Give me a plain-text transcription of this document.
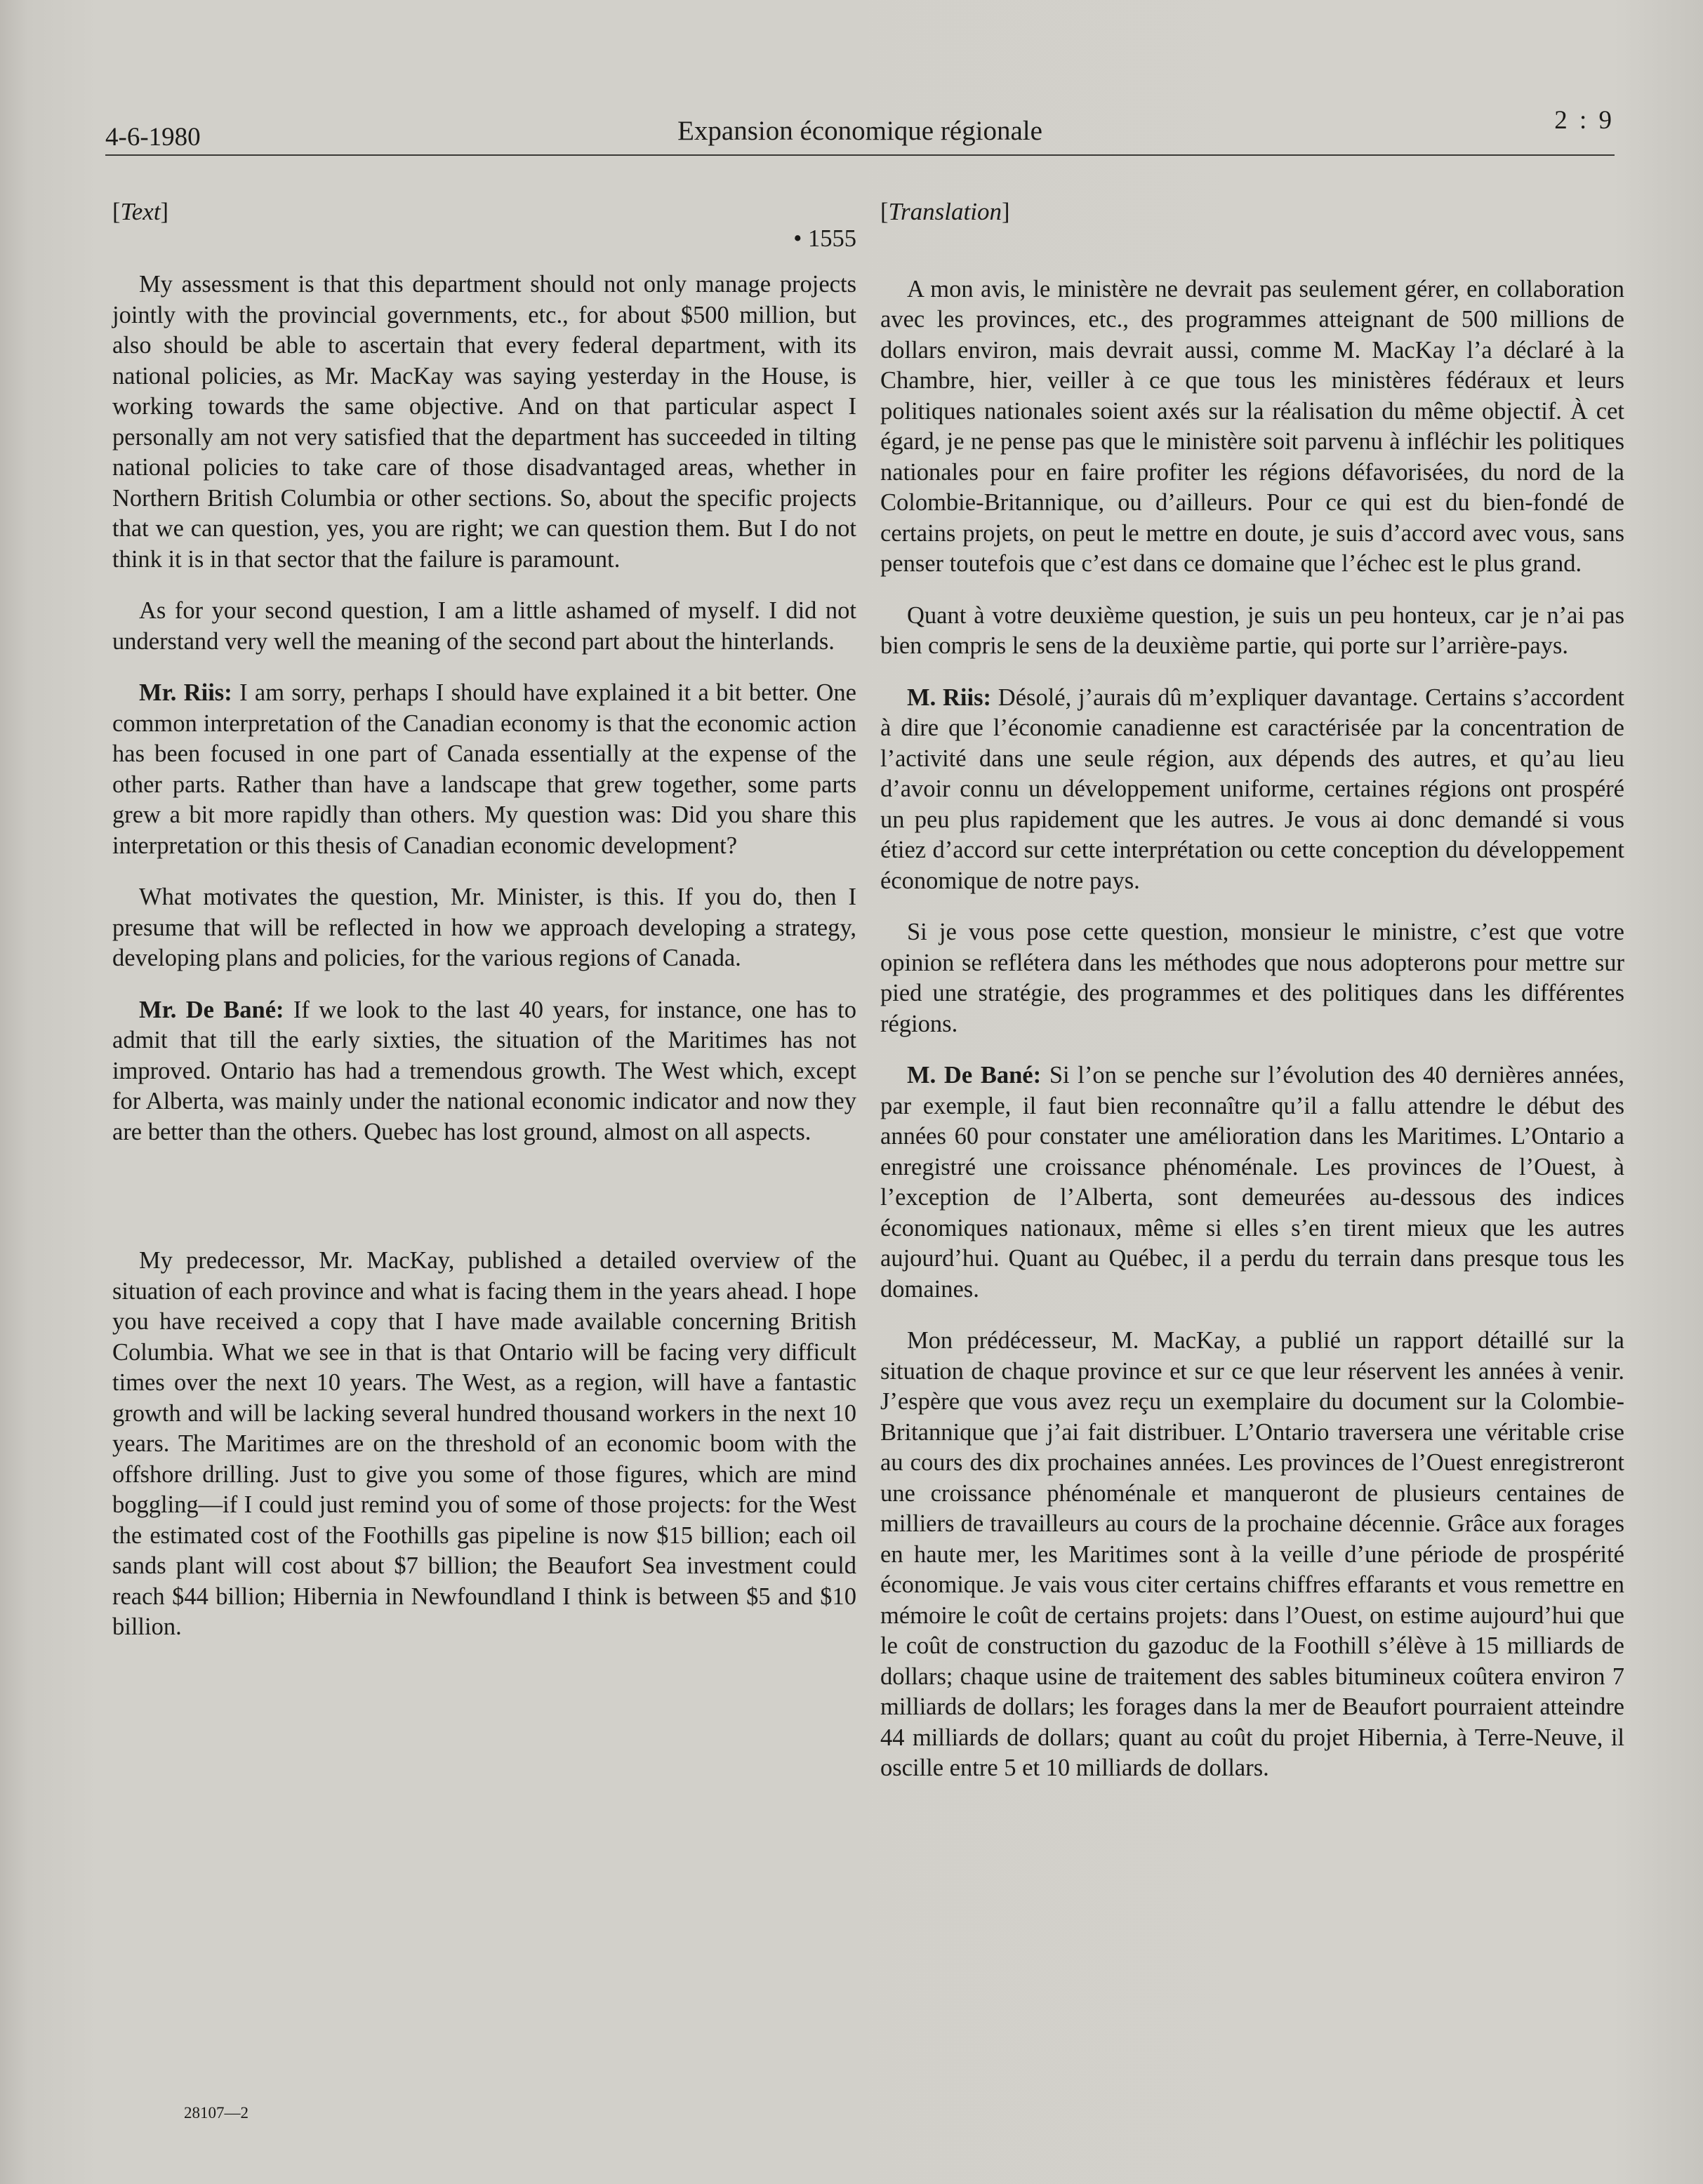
4-6-1980	Expansion économique régionale	2 : 9
[Text]
• 1555

My assessment is that this department should not only manage projects jointly with the provincial governments, etc., for about $500 million, but also should be able to ascertain that every federal department, with its national policies, as Mr. MacKay was saying yesterday in the House, is working towards the same objective. And on that particular aspect I personally am not very satisfied that the department has succeeded in tilting national policies to take care of those disadvantaged areas, whether in Northern British Columbia or other sections. So, about the specific projects that we can question, yes, you are right; we can question them. But I do not think it is in that sector that the failure is paramount.

As for your second question, I am a little ashamed of myself. I did not understand very well the meaning of the second part about the hinterlands.

Mr. Riis: I am sorry, perhaps I should have explained it a bit better. One common interpretation of the Canadian economy is that the economic action has been focused in one part of Canada essentially at the expense of the other parts. Rather than have a landscape that grew together, some parts grew a bit more rapidly than others. My question was: Did you share this interpretation or this thesis of Canadian economic development?

What motivates the question, Mr. Minister, is this. If you do, then I presume that will be reflected in how we approach developing a strategy, developing plans and policies, for the various regions of Canada.

Mr. De Bané: If we look to the last 40 years, for instance, one has to admit that till the early sixties, the situation of the Maritimes has not improved. Ontario has had a tremendous growth. The West which, except for Alberta, was mainly under the national economic indicator and now they are better than the others. Quebec has lost ground, almost on all aspects.

My predecessor, Mr. MacKay, published a detailed overview of the situation of each province and what is facing them in the years ahead. I hope you have received a copy that I have made available concerning British Columbia. What we see in that is that Ontario will be facing very difficult times over the next 10 years. The West, as a region, will have a fantastic growth and will be lacking several hundred thousand workers in the next 10 years. The Maritimes are on the threshold of an economic boom with the offshore drilling. Just to give you some of those figures, which are mind boggling—if I could just remind you of some of those projects: for the West the estimated cost of the Foothills gas pipeline is now $15 billion; each oil sands plant will cost about $7 billion; the Beaufort Sea investment could reach $44 billion; Hibernia in Newfoundland I think is between $5 and $10 billion.

[Translation]

A mon avis, le ministère ne devrait pas seulement gérer, en collaboration avec les provinces, etc., des programmes atteignant de 500 millions de dollars environ, mais devrait aussi, comme M. MacKay l’a déclaré à la Chambre, hier, veiller à ce que tous les ministères fédéraux et leurs politiques nationales soient axés sur la réalisation du même objectif. À cet égard, je ne pense pas que le ministère soit parvenu à infléchir les politiques nationales pour en faire profiter les régions défavorisées, du nord de la Colombie-Britannique, ou d’ailleurs. Pour ce qui est du bien-fondé de certains projets, on peut le mettre en doute, je suis d’accord avec vous, sans penser toutefois que c’est dans ce domaine que l’échec est le plus grand.

Quant à votre deuxième question, je suis un peu honteux, car je n’ai pas bien compris le sens de la deuxième partie, qui porte sur l’arrière-pays.

M. Riis: Désolé, j’aurais dû m’expliquer davantage. Certains s’accordent à dire que l’économie canadienne est caractérisée par la concentration de l’activité dans une seule région, aux dépends des autres, et qu’au lieu d’avoir connu un développement uniforme, certaines régions ont prospéré un peu plus rapidement que les autres. Je vous ai donc demandé si vous étiez d’accord sur cette interprétation ou cette conception du développement économique de notre pays.

Si je vous pose cette question, monsieur le ministre, c’est que votre opinion se reflétera dans les méthodes que nous adopterons pour mettre sur pied une stratégie, des programmes et des politiques dans les différentes régions.

M. De Bané: Si l’on se penche sur l’évolution des 40 dernières années, par exemple, il faut bien reconnaître qu’il a fallu attendre le début des années 60 pour constater une amélioration dans les Maritimes. L’Ontario a enregistré une croissance phénoménale. Les provinces de l’Ouest, à l’exception de l’Alberta, sont demeurées au-dessous des indices économiques nationaux, même si elles s’en tirent mieux que les autres aujourd’hui. Quant au Québec, il a perdu du terrain dans presque tous les domaines.

Mon prédécesseur, M. MacKay, a publié un rapport détaillé sur la situation de chaque province et sur ce que leur réservent les années à venir. J’espère que vous avez reçu un exemplaire du document sur la Colombie-Britannique que j’ai fait distribuer. L’Ontario traversera une véritable crise au cours des dix prochaines années. Les provinces de l’Ouest enregistreront une croissance phénoménale et manqueront de plusieurs centaines de milliers de travailleurs au cours de la prochaine décennie. Grâce aux forages en haute mer, les Maritimes sont à la veille d’une période de prospérité économique. Je vais vous citer certains chiffres effarants et vous remettre en mémoire le coût de certains projets: dans l’Ouest, on estime aujourd’hui que le coût de construction du gazoduc de la Foothill s’élève à 15 milliards de dollars; chaque usine de traitement des sables bitumineux coûtera environ 7 milliards de dollars; les forages dans la mer de Beaufort pourraient atteindre 44 milliards de dollars; quant au coût du projet Hibernia, à Terre-Neuve, il oscille entre 5 et 10 milliards de dollars.

28107—2
